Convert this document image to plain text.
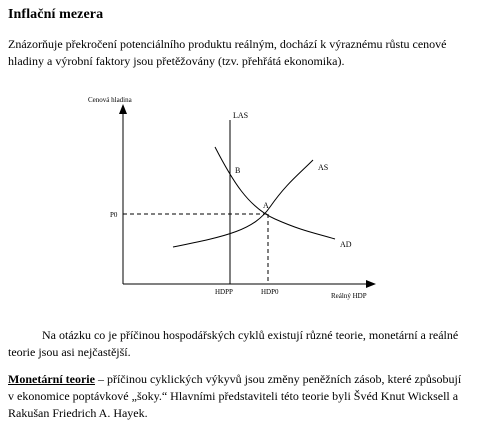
Inflační mezera
Znázorňuje překročení potenciálního produktu reálným, dochází k výraznému růstu cenové hladiny a výrobní faktory jsou přetěžovány (tzv. přehřátá ekonomika).
Cenová hladina
Reálný HDP
LAS
AS
AD
B
A
P0
HDPP	HDP0
Na otázku co je příčinou hospodářských cyklů existují různé teorie, monetární a reálné teorie jsou asi nejčastější.
Monetární teorie – příčinou cyklických výkyvů jsou změny peněžních zásob, které způsobují v ekonomice poptávkové „šoky.“ Hlavními představiteli této teorie byli Švéd Knut Wicksell a Rakušan Friedrich A. Hayek.
